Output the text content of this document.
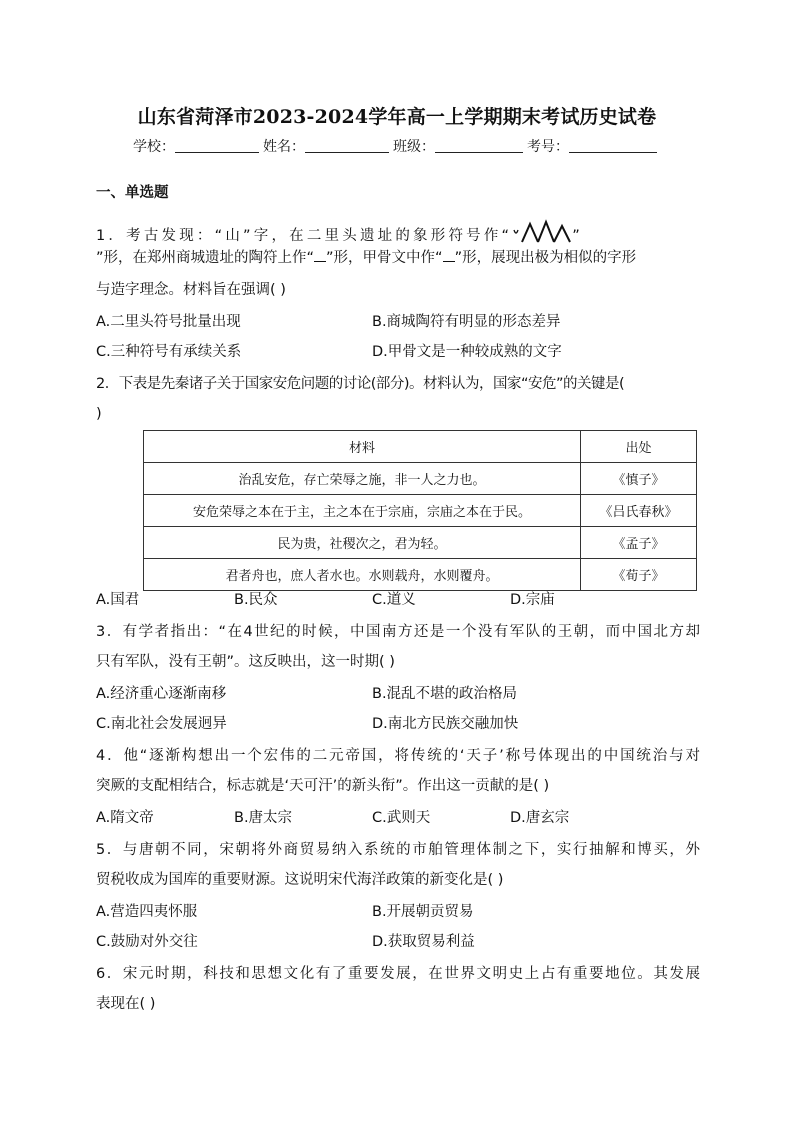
山东省菏泽市2023-2024学年高一上学期期末考试历史试卷
学校：	姓名：	班级：	考号：
一、单选题
1．考古发现：“山”字，在二里头遗址的象形符号作“	”
”形，在郑州商城遗址的陶符上作“ ”形，甲骨文中作“ ”形，展现出极为相似的字形
与造字理念。材料旨在强调( )
A.二里头符号批量出现	B.商城陶符有明显的形态差异
C.三种符号有承续关系	D.甲骨文是一种较成熟的文字
2．下表是先秦诸子关于国家安危问题的讨论(部分)。材料认为，国家“安危”的关键是(
)
材料	出处
治乱安危，存亡荣辱之施，非一人之力也。	《慎子》
安危荣辱之本在于主，主之本在于宗庙，宗庙之本在于民。	《吕氏春秋》
民为贵，社稷次之，君为轻。	《孟子》
君者舟也，庶人者水也。水则载舟，水则覆舟。	《荀子》
A.国君	B.民众	C.道义	D.宗庙
3．有学者指出：“在4世纪的时候，中国南方还是一个没有军队的王朝，而中国北方却
只有军队，没有王朝”。这反映出，这一时期( )
A.经济重心逐渐南移	B.混乱不堪的政治格局
C.南北社会发展迥异	D.南北方民族交融加快
4．他“逐渐构想出一个宏伟的二元帝国，将传统的‘天子’称号体现出的中国统治与对
突厥的支配相结合，标志就是‘天可汗’的新头衔”。作出这一贡献的是( )
A.隋文帝	B.唐太宗	C.武则天	D.唐玄宗
5．与唐朝不同，宋朝将外商贸易纳入系统的市舶管理体制之下，实行抽解和博买，外
贸税收成为国库的重要财源。这说明宋代海洋政策的新变化是( )
A.营造四夷怀服	B.开展朝贡贸易
C.鼓励对外交往	D.获取贸易利益
6．宋元时期，科技和思想文化有了重要发展，在世界文明史上占有重要地位。其发展
表现在( )
